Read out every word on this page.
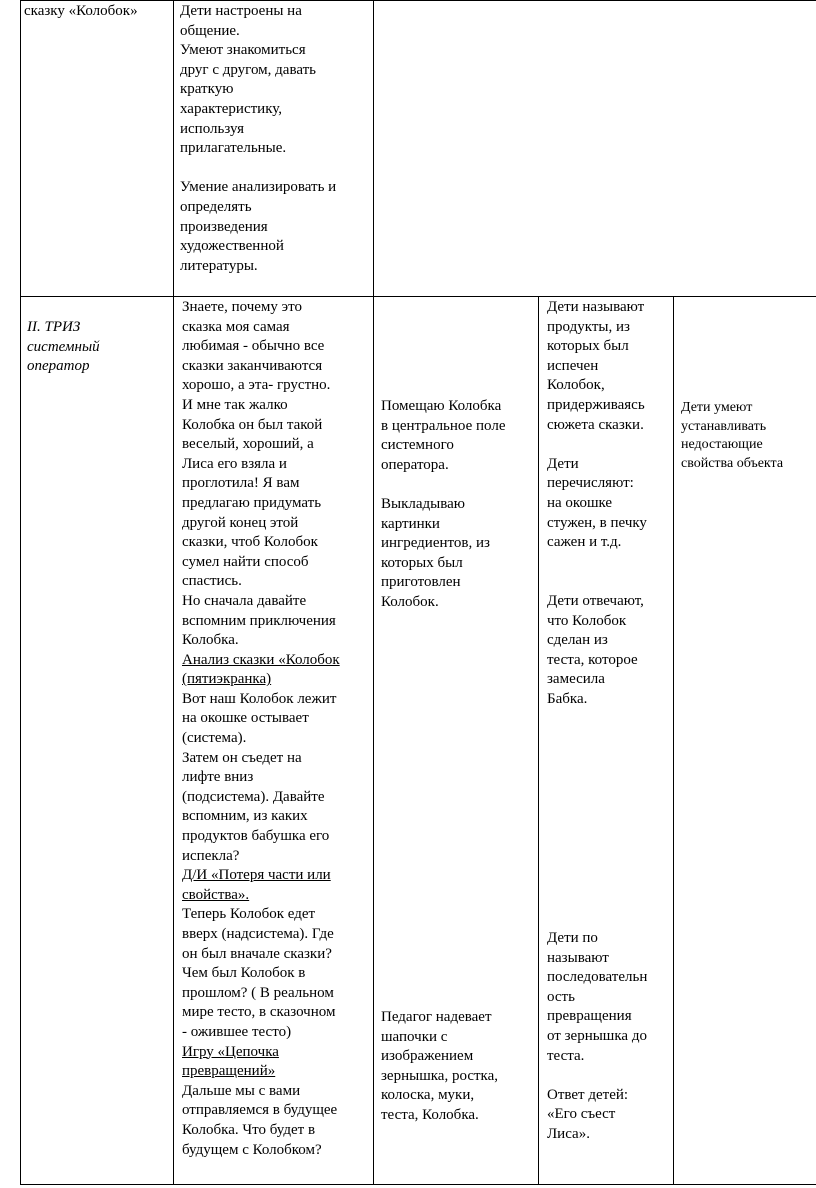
сказку «Колобок»	Дети настроены на

общение.

Умеют знакомиться

друг с другом, давать

краткую

характеристику,

используя

прилагательные.

Умение анализировать и

определять

произведения

художественной

литературы.

II. ТРИЗ

системный

оператор

Знаете, почему это

сказка моя самая

любимая - обычно все

сказки заканчиваются

хорошо, а эта- грустно.

И мне так жалко

Колобка он был такой

веселый, хороший, а

Лиса его взяла и

проглотила! Я вам

предлагаю придумать

другой конец этой

сказки, чтоб Колобок

сумел найти способ

спастись.

Но сначала давайте

вспомним приключения

Колобка.

Анализ сказки «Колобок

(пятиэкранка)

Вот наш Колобок лежит

на окошке остывает

(система).

Затем он съедет на

лифте вниз

(подсистема). Давайте

вспомним, из каких

продуктов бабушка его

испекла?

Д/И «Потеря части или

свойства».

Теперь Колобок едет

вверх (надсистема). Где

он был вначале сказки?

Чем был Колобок в

прошлом? ( В реальном

мире тесто, в сказочном

- ожившее тесто)

Игру «Цепочка

превращений»

Дальше мы с вами

отправляемся в будущее

Колобка. Что будет в

будущем с Колобком?

Помещаю Колобка

в центральное поле

системного

оператора.

Выкладываю

картинки

ингредиентов, из

которых был

приготовлен

Колобок.

Педагог надевает

шапочки с

изображением

зернышка, ростка,

колоска, муки,

теста, Колобка.

Дети называют

продукты, из

которых был

испечен

Колобок,

придерживаясь

сюжета сказки.

Дети

перечисляют:

на окошке

стужен, в печку

сажен и т.д.

Дети отвечают,

что Колобок

сделан из

теста, которое

замесила

Бабка.

Дети по

называют

последовательн

ость

превращения

от зернышка до

теста.

Ответ детей:

«Его съест

Лиса».

Дети умеют

устанавливать

недостающие

свойства объекта
